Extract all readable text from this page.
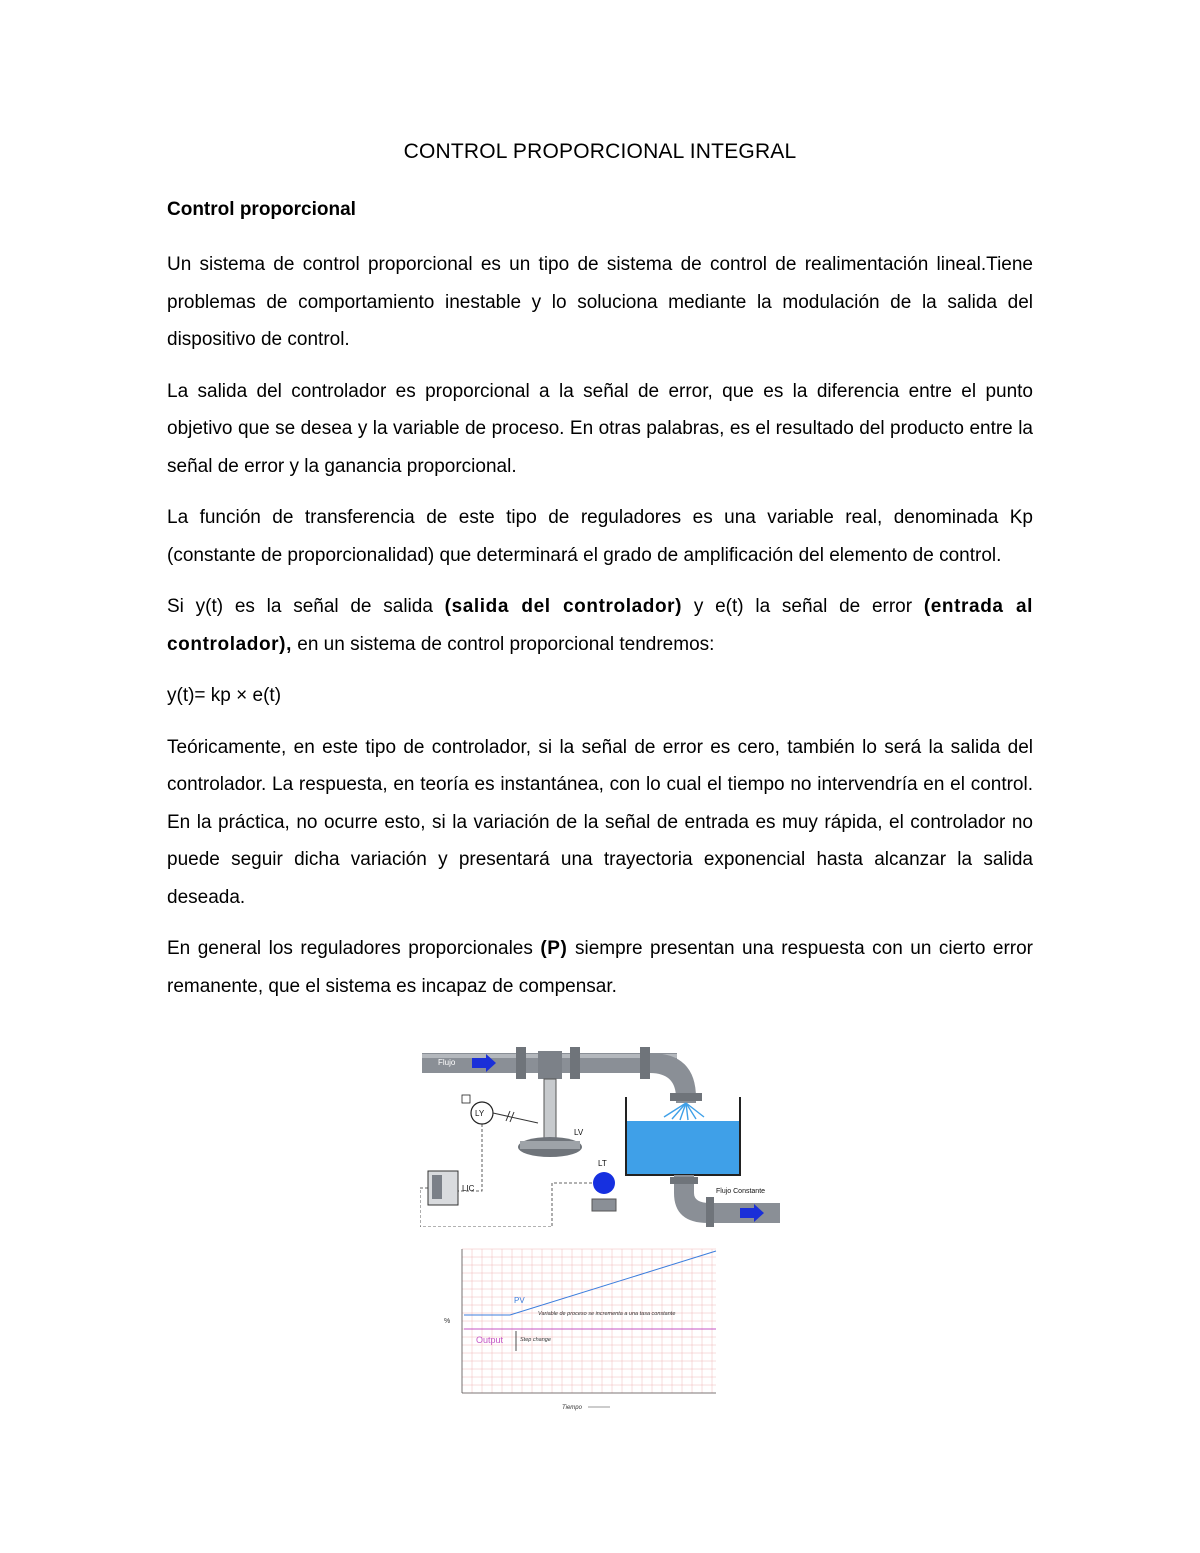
CONTROL PROPORCIONAL INTEGRAL

Control proporcional

Un sistema de control proporcional es un tipo de sistema de control de realimentación lineal.Tiene problemas de comportamiento inestable y lo soluciona mediante la modulación de la salida del dispositivo de control.

La salida del controlador es proporcional a la señal de error, que es la diferencia entre el punto objetivo que se desea y la variable de proceso. En otras palabras, es el resultado del producto entre la señal de error y la ganancia proporcional.

La función de transferencia de este tipo de reguladores es una variable real, denominada Kp (constante de proporcionalidad) que determinará el grado de amplificación del elemento de control.

Si y(t) es la señal de salida (salida del controlador) y e(t) la señal de error (entrada al controlador), en un sistema de control proporcional tendremos:

y(t)= kp × e(t)

Teóricamente, en este tipo de controlador, si la señal de error es cero, también lo será la salida del controlador. La respuesta, en teoría es instantánea, con lo cual el tiempo no intervendría en el control. En la práctica, no ocurre esto, si la variación de la señal de entrada es muy rápida, el controlador no puede seguir dicha variación y presentará una trayectoria exponencial hasta alcanzar la salida deseada.

En general los reguladores proporcionales (P) siempre presentan una respuesta con un cierto error remanente, que el sistema es incapaz de compensar.

Flujo
Flujo Constante
LV
LY
LIC
LT
PV
Output
Variable de proceso se incrementa a una tasa constante
Step change
%
Tiempo
